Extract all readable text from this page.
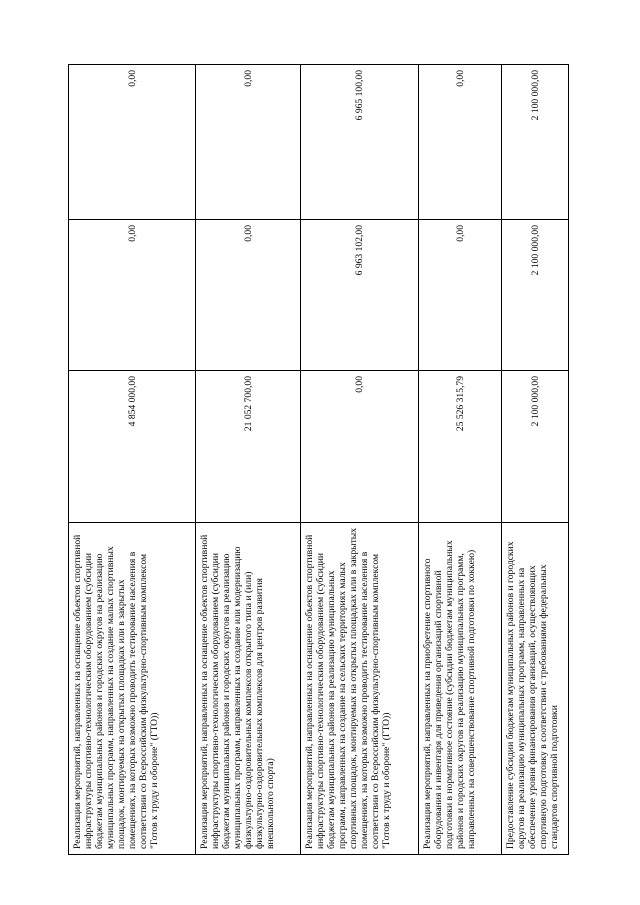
Реализация мероприятий, направленных на оснащение объектов спортивной инфраструктуры спортивно-технологическим оборудованием (субсидии бюджетам муниципальных районов и городских округов на реализацию муниципальных программ, направленных на создание малых спортивных площадок, монтируемых на открытых площадках или в закрытых помещениях, на которых возможно проводить тестирование населения в соответствии со Всероссийским физкультурно-спортивным комплексом "Готов к труду и обороне" (ГТО))	4 854 000,00	0,00	0,00
Реализация мероприятий, направленных на оснащение объектов спортивной инфраструктуры спортивно-технологическим оборудованием (субсидии бюджетам муниципальных районов и городских округов на реализацию муниципальных программ, направленных на создание или модернизацию физкультурно-оздоровительных комплексов открытого типа и (или) физкультурно-оздоровительных комплексов для центров развития внешкольного спорта)	21 052 700,00	0,00	0,00
Реализация мероприятий, направленных на оснащение объектов спортивной инфраструктуры спортивно-технологическим оборудованием (субсидии бюджетам муниципальных районов на реализацию муниципальных программ, направленных на создание на сельских территориях малых спортивных площадок, монтируемых на открытых площадках или в закрытых помещениях, на которых возможно проводить тестирование населения в соответствии со Всероссийским физкультурно-спортивным комплексом "Готов к труду и обороне" (ГТО))	0,00	6 963 102,00	6 965 100,00
Реализация мероприятий, направленных на приобретение спортивного оборудования и инвентаря для приведения организаций спортивной подготовки в нормативное состояние (субсидии бюджетам муниципальных районов и городских округов на реализацию муниципальных программ, направленных на совершенствование спортивной подготовки по хоккею)	25 526 315,79	0,00	0,00
Предоставление субсидии бюджетам муниципальных районов и городских округов на реализацию муниципальных программ, направленных на обеспечение уровня финансирования организаций, осуществляющих спортивную подготовку в соответствии с требованиями федеральных стандартов спортивной подготовки	2 100 000,00	2 100 000,00	2 100 000,00
